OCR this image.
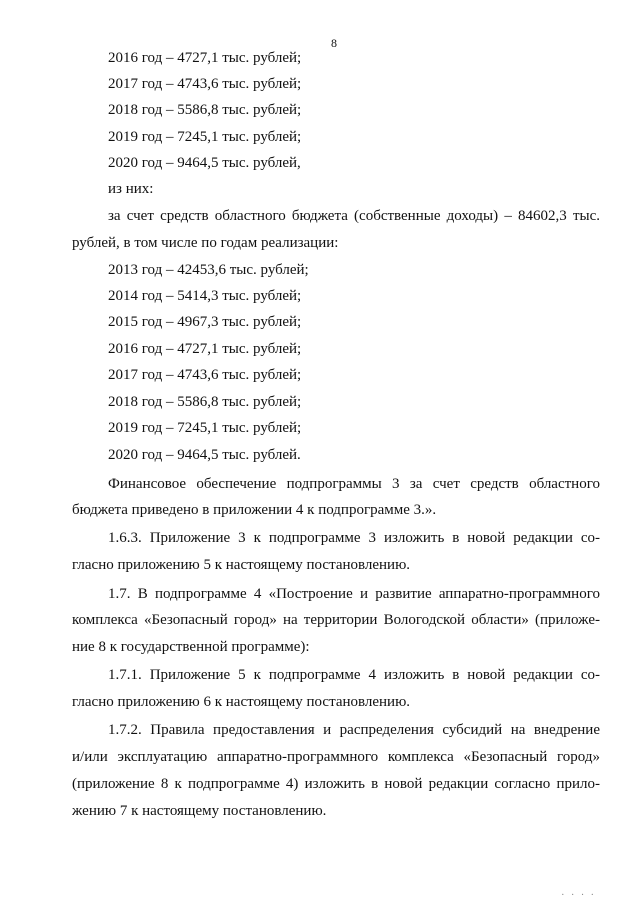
8
2016 год – 4727,1 тыс. рублей;
2017 год – 4743,6 тыс. рублей;
2018 год – 5586,8 тыс. рублей;
2019 год – 7245,1 тыс. рублей;
2020 год – 9464,5 тыс. рублей,
из них:
за счет средств областного бюджета (собственные доходы) – 84602,3 тыс.
рублей, в том числе по годам реализации:
2013 год – 42453,6 тыс. рублей;
2014 год – 5414,3 тыс. рублей;
2015 год – 4967,3 тыс. рублей;
2016 год – 4727,1 тыс. рублей;
2017 год – 4743,6 тыс. рублей;
2018 год – 5586,8 тыс. рублей;
2019 год – 7245,1 тыс. рублей;
2020 год – 9464,5 тыс. рублей.
Финансовое обеспечение подпрограммы 3 за счет средств областного
бюджета приведено в приложении 4 к подпрограмме 3.».
1.6.3. Приложение 3 к подпрограмме 3 изложить в новой редакции со-
гласно приложению 5 к настоящему постановлению.
1.7. В подпрограмме 4 «Построение и развитие аппаратно-программного
комплекса «Безопасный город» на территории Вологодской области» (приложе-
ние 8 к государственной программе):
1.7.1. Приложение 5 к подпрограмме 4 изложить в новой редакции со-
гласно приложению 6 к настоящему постановлению.
1.7.2. Правила предоставления и распределения субсидий на внедрение
и/или эксплуатацию аппаратно-программного комплекса «Безопасный город»
(приложение 8 к подпрограмме 4) изложить в новой редакции согласно прило-
жению 7 к настоящему постановлению.
· · · ·
